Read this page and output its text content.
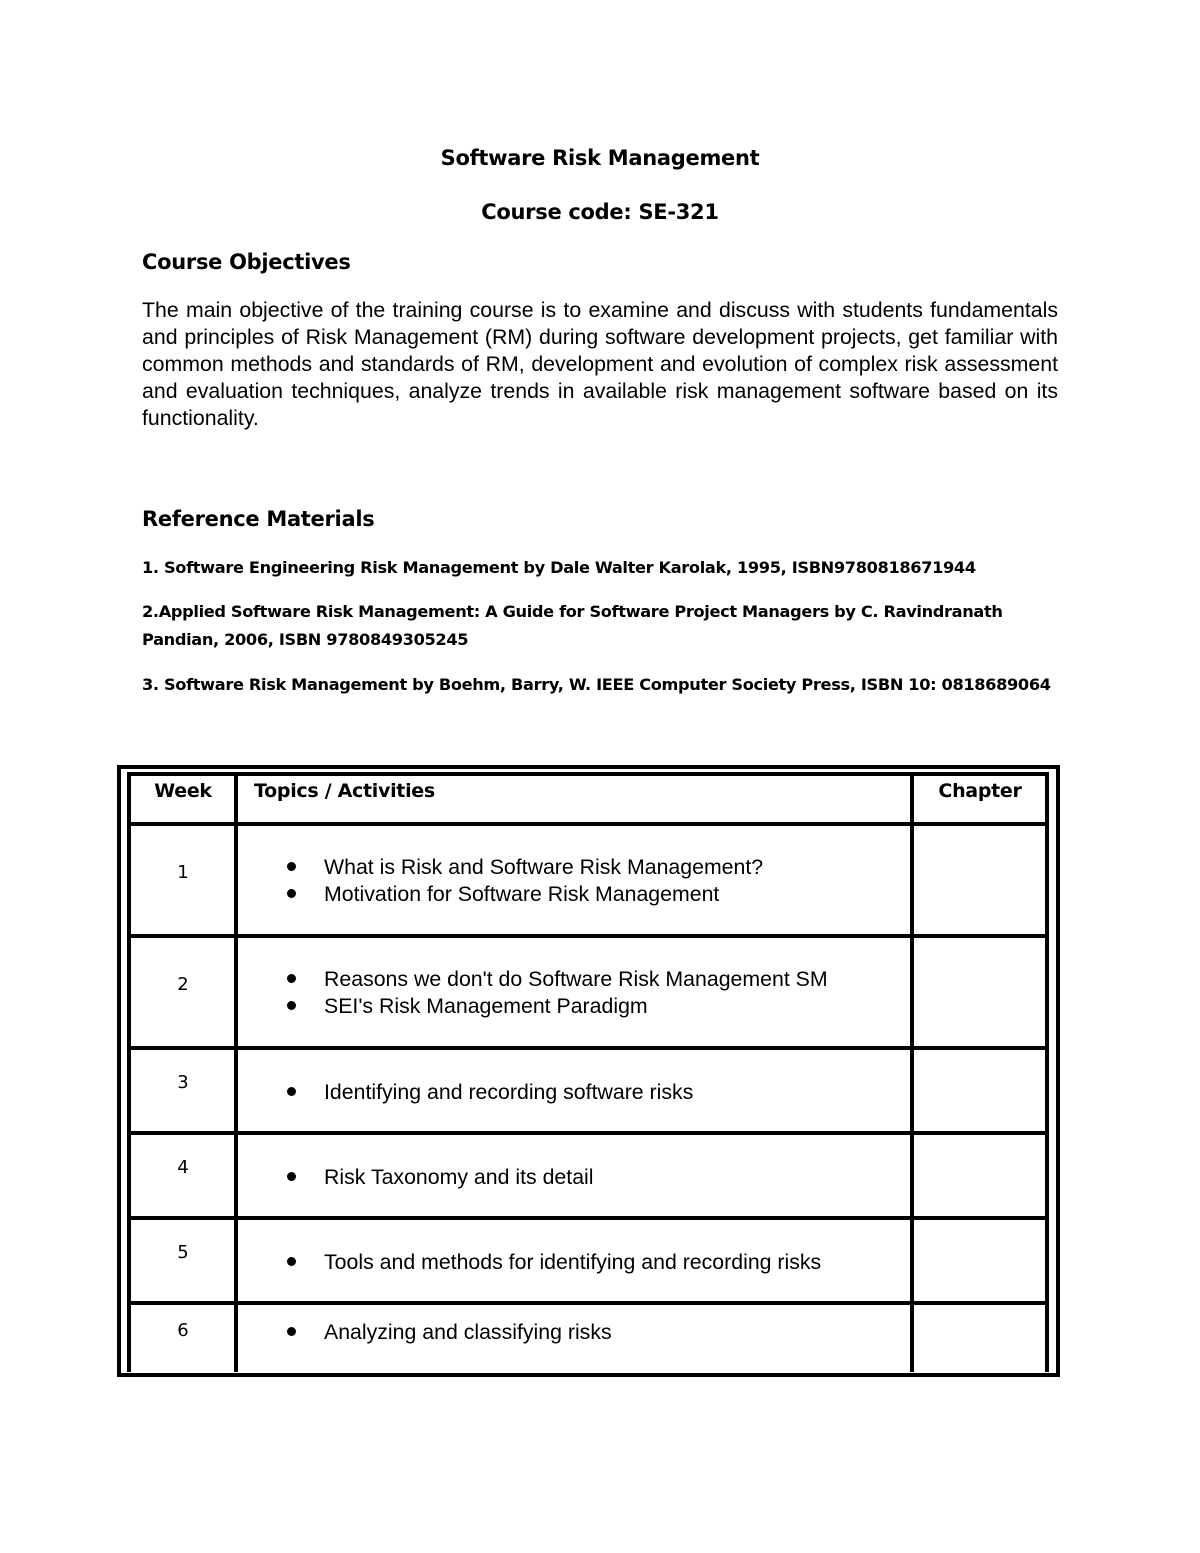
Software Risk Management
Course code: SE-321
Course Objectives

The main objective of the training course is to examine and discuss with students fundamentals and principles of Risk Management (RM) during software development projects, get familiar with common methods and standards of RM, development and evolution of complex risk assessment and evaluation techniques, analyze trends in available risk management software based on its functionality.

Reference Materials

1. Software Engineering Risk Management by Dale Walter Karolak, 1995, ISBN9780818671944

2.Applied Software Risk Management: A Guide for Software Project Managers by C. Ravindranath Pandian, 2006, ISBN 9780849305245

3. Software Risk Management by Boehm, Barry, W. IEEE Computer Society Press, ISBN 10: 0818689064

Week	Topics / Activities	Chapter
1	What is Risk and Software Risk Management?
Motivation for Software Risk Management
2	Reasons we don't do Software Risk Management SM
SEI's Risk Management Paradigm
3	Identifying and recording software risks
4	Risk Taxonomy and its detail
5	Tools and methods for identifying and recording risks
6	Analyzing and classifying risks
